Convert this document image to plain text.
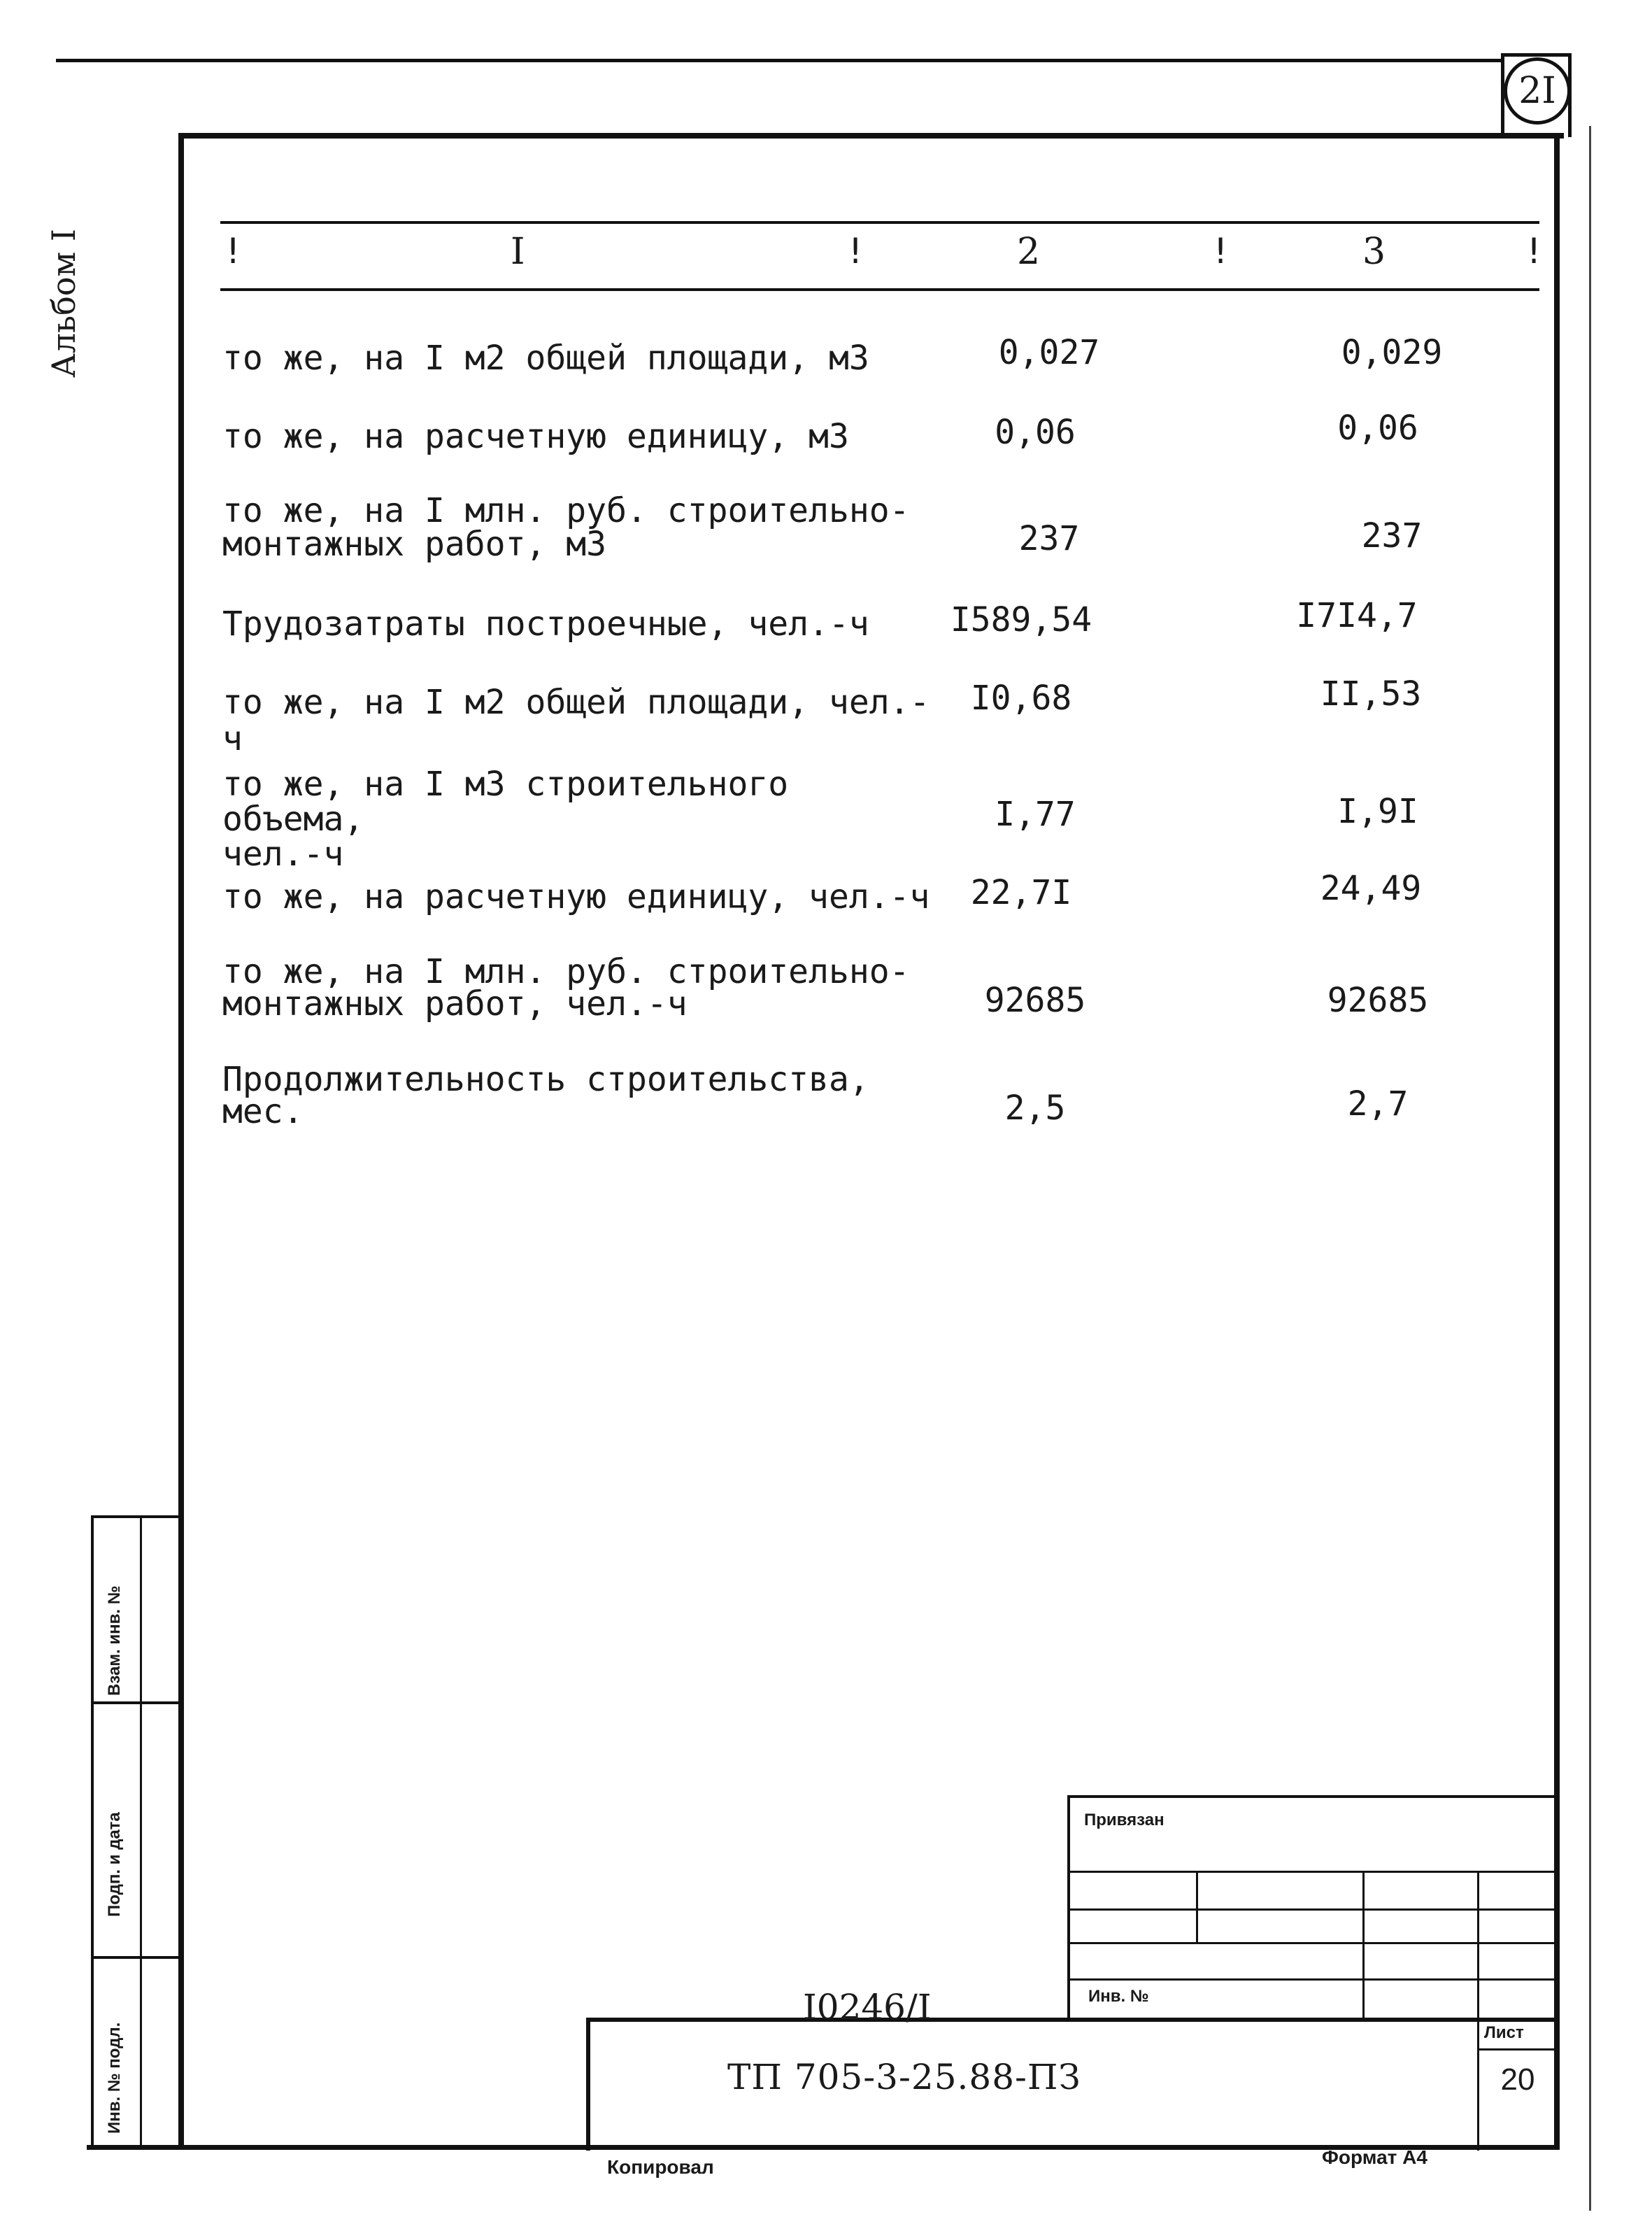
2I
Альбом I	!	I	!	2	!	3	!
то же, на I м2 общей площади, м3	0,027	0,029
то же, на расчетную единицу, м3	0,06	0,06
то же, на I млн. руб. строительно-
монтажных работ, м3	237	237
Трудозатраты построечные, чел.-ч	I589,54	I7I4,7
то же, на I м2 общей площади, чел.-ч
I0,68	II,53
то же, на I м3 строительного объема,
чел.-ч
I,77	I,9I
то же, на расчетную единицу, чел.-ч	22,7I	24,49
то же, на I млн. руб. строительно-
монтажных работ, чел.-ч	92685	92685
Продолжительность строительства,
мес.	2,5	2,7
Взам. инв. №
Подп. и дата
Инв. № подл.
Привязан
Инв. №
I0246/I
ТП 705-3-25.88-ПЗ
Лист
20
Копировал	Формат А4
